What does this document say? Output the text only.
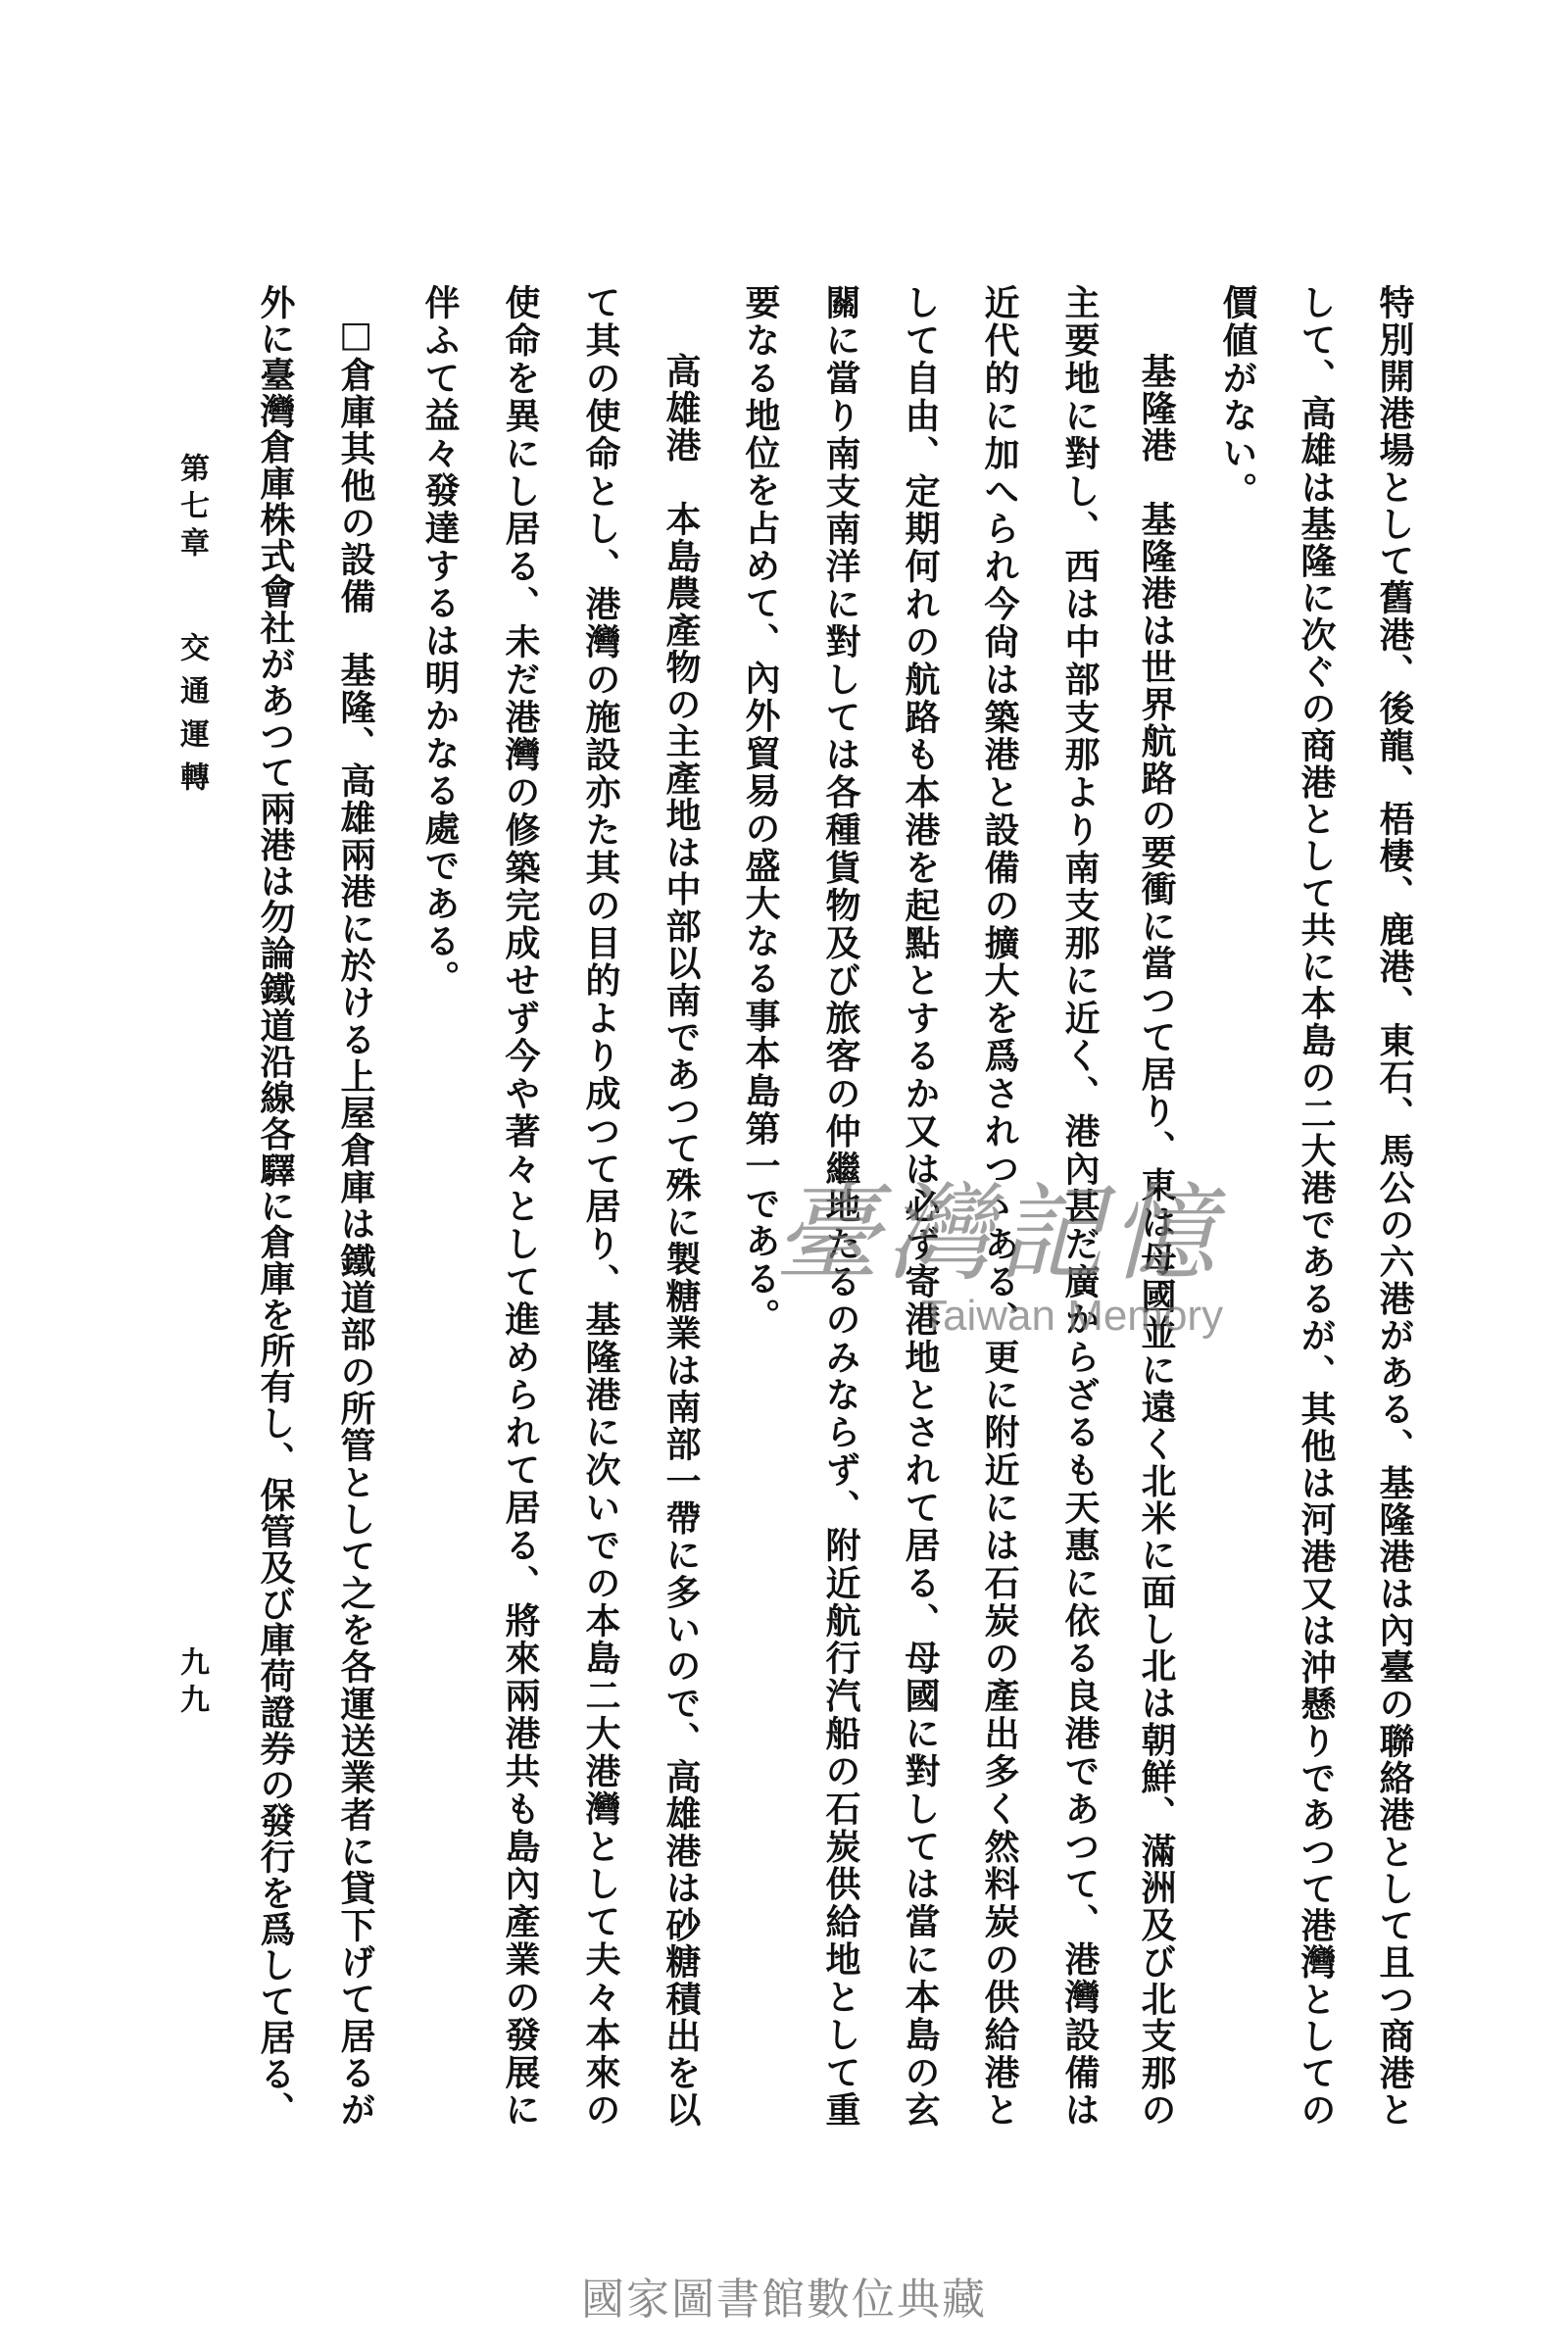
特別開港場として舊港、後龍、梧棲、鹿港、東石、馬公の六港がある、基隆港は內臺の聯絡港として且つ商港と
して、高雄は基隆に次ぐの商港として共に本島の二大港であるが、其他は河港又は沖懸りであつて港灣としての
價値がない。
基隆港　基隆港は世界航路の要衝に當つて居り、東は母國並に遠く北米に面し北は朝鮮、滿洲及び北支那の
主要地に對し、西は中部支那より南支那に近く、港內甚だ廣からざるも天惠に依る良港であつて、港灣設備は
近代的に加へられ今尙は築港と設備の擴大を爲されつゝある、更に附近には石炭の產出多く然料炭の供給港と
して自由、定期何れの航路も本港を起點とするか又は必ず寄港地とされて居る、母國に對しては當に本島の玄
關に當り南支南洋に對しては各種貨物及び旅客の仲繼地たるのみならず、附近航行汽船の石炭供給地として重
要なる地位を占めて、內外貿易の盛大なる事本島第一である。
高雄港　本島農產物の主產地は中部以南であつて殊に製糖業は南部一帶に多いので、高雄港は砂糖積出を以
て其の使命とし、港灣の施設亦た其の目的より成つて居り、基隆港に次いでの本島二大港灣として夫々本來の
使命を異にし居る、未だ港灣の修築完成せず今や著々として進められて居る、將來兩港共も島內產業の發展に
伴ふて益々發達するは明かなる處である。
□倉庫其他の設備　基隆、高雄兩港に於ける上屋倉庫は鐵道部の所管として之を各運送業者に貸下げて居るが
外に臺灣倉庫株式會社があつて兩港は勿論鐵道沿線各驛に倉庫を所有し、保管及び庫荷證券の發行を爲して居る、
第七章
交通運轉
九九
臺灣記憶
Taiwan Memory
國家圖書館數位典藏
